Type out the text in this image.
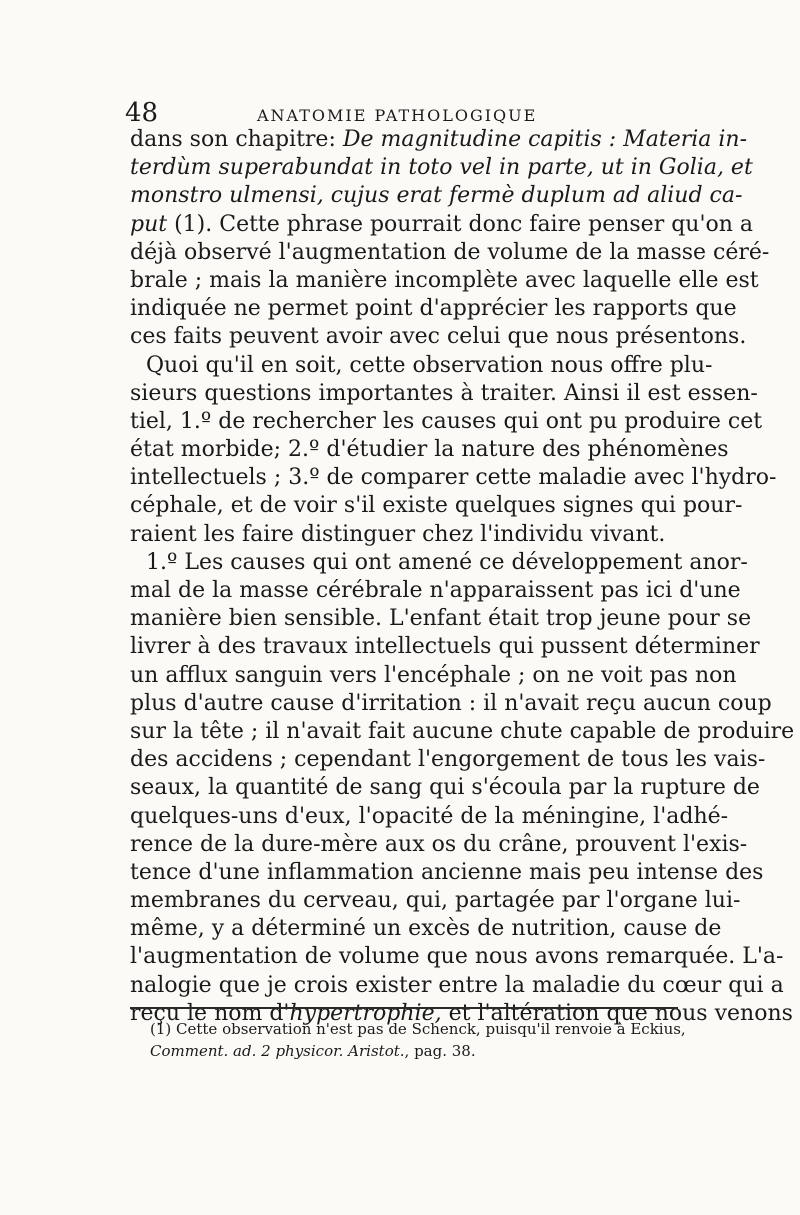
48	ANATOMIE PATHOLOGIQUE
dans son chapitre: De magnitudine capitis : Materia in-
terdùm superabundat in toto vel in parte, ut in Golia, et
monstro ulmensi, cujus erat fermè duplum ad aliud ca-
put (1). Cette phrase pourrait donc faire penser qu'on a
déjà observé l'augmentation de volume de la masse céré-
brale ; mais la manière incomplète avec laquelle elle est
indiquée ne permet point d'apprécier les rapports que
ces faits peuvent avoir avec celui que nous présentons.
Quoi qu'il en soit, cette observation nous offre plu-
sieurs questions importantes à traiter. Ainsi il est essen-
tiel, 1.º de rechercher les causes qui ont pu produire cet
état morbide; 2.º d'étudier la nature des phénomènes
intellectuels ; 3.º de comparer cette maladie avec l'hydro-
céphale, et de voir s'il existe quelques signes qui pour-
raient les faire distinguer chez l'individu vivant.
1.º Les causes qui ont amené ce développement anor-
mal de la masse cérébrale n'apparaissent pas ici d'une
manière bien sensible. L'enfant était trop jeune pour se
livrer à des travaux intellectuels qui pussent déterminer
un afflux sanguin vers l'encéphale ; on ne voit pas non
plus d'autre cause d'irritation : il n'avait reçu aucun coup
sur la tête ; il n'avait fait aucune chute capable de produire
des accidens ; cependant l'engorgement de tous les vais-
seaux, la quantité de sang qui s'écoula par la rupture de
quelques-uns d'eux, l'opacité de la méningine, l'adhé-
rence de la dure-mère aux os du crâne, prouvent l'exis-
tence d'une inflammation ancienne mais peu intense des
membranes du cerveau, qui, partagée par l'organe lui-
même, y a déterminé un excès de nutrition, cause de
l'augmentation de volume que nous avons remarquée. L'a-
nalogie que je crois exister entre la maladie du cœur qui a
reçu le nom d'hypertrophie, et l'altération que nous venons
(1) Cette observation n'est pas de Schenck, puisqu'il renvoie à Eckius,
Comment. ad. 2 physicor. Aristot., pag. 38.
